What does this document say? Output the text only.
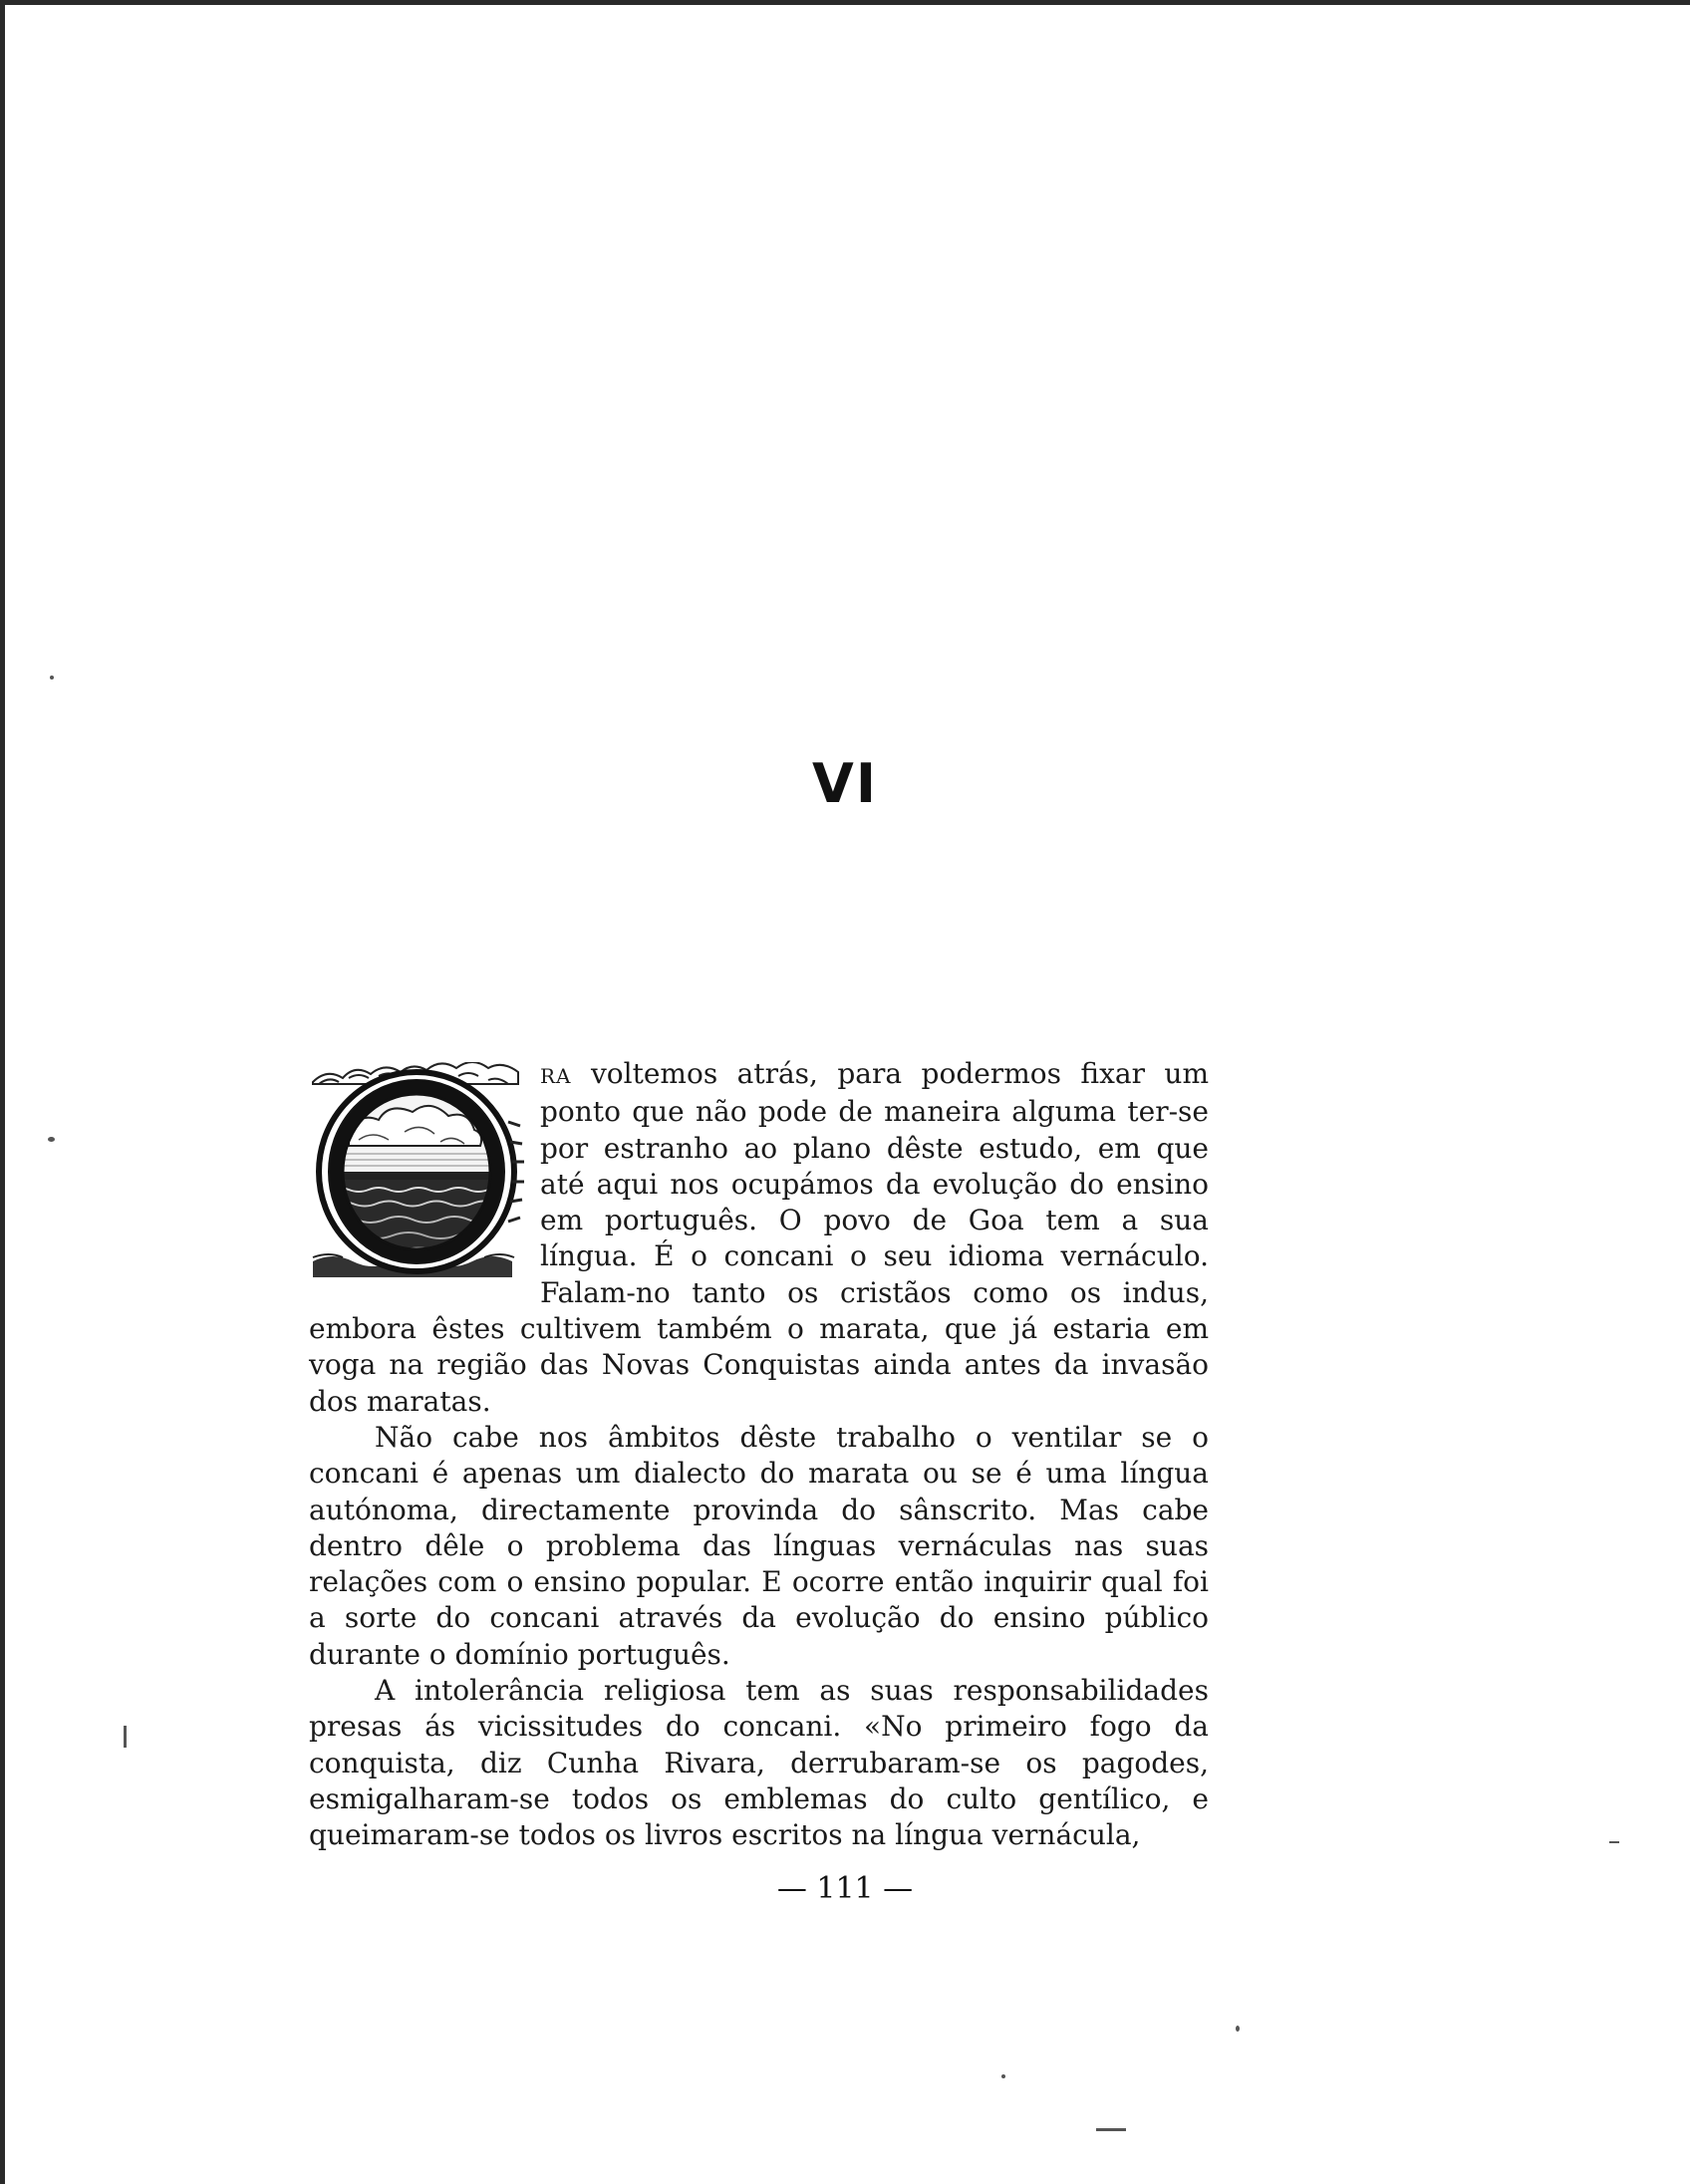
VI

RA voltemos atrás, para podermos fixar um ponto que não pode de maneira alguma ter-se por estranho ao plano dêste estudo, em que até aqui nos ocupámos da evolução do ensino em português. O povo de Goa tem a sua língua. É o concani o seu idioma vernáculo. Falam-no tanto os cristãos como os indus, embora êstes cultivem também o marata, que já estaria em voga na região das Novas Conquistas ainda antes da invasão dos maratas.

Não cabe nos âmbitos dêste trabalho o ventilar se o concani é apenas um dialecto do marata ou se é uma língua autónoma, directamente provinda do sânscrito. Mas cabe dentro dêle o problema das línguas vernáculas nas suas relações com o ensino popular. E ocorre então inquirir qual foi a sorte do concani através da evolução do ensino público durante o domínio português.

A intolerância religiosa tem as suas responsabilidades presas ás vicissitudes do concani. «No primeiro fogo da conquista, diz Cunha Rivara, derrubaram-se os pagodes, esmigalharam-se todos os emblemas do culto gentílico, e queimaram-se todos os livros escritos na língua vernácula,

— 111 —
